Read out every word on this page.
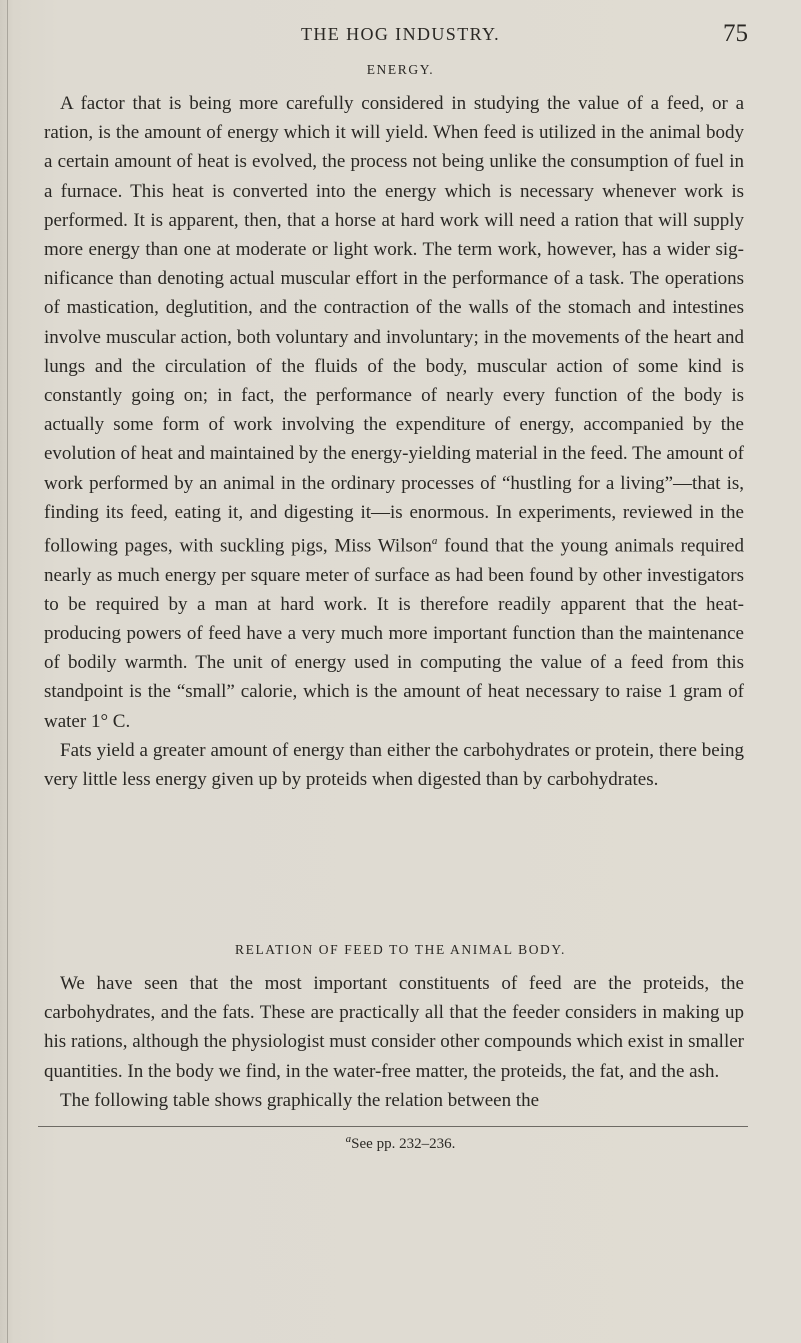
THE HOG INDUSTRY.	75
ENERGY.

A factor that is being more carefully considered in studying the value of a feed, or a ration, is the amount of energy which it will yield. When feed is utilized in the animal body a certain amount of heat is evolved, the process not being unlike the consumption of fuel in a furnace. This heat is converted into the energy which is necessary whenever work is performed. It is apparent, then, that a horse at hard work will need a ration that will supply more energy than one at moderate or light work. The term work, however, has a wider significance than denoting actual muscular effort in the performance of a task. The operations of mastication, deglutition, and the contraction of the walls of the stomach and intestines involve muscular action, both voluntary and involuntary; in the movements of the heart and lungs and the circulation of the fluids of the body, muscular action of some kind is constantly going on; in fact, the performance of nearly every function of the body is actually some form of work involving the expenditure of energy, accompanied by the evolution of heat and maintained by the energy-yielding material in the feed. The amount of work performed by an animal in the ordinary processes of “hustling for a living”—that is, finding its feed, eating it, and digesting it—is enormous. In experiments, reviewed in the following pages, with suckling pigs, Miss Wilson$^a$ found that the young animals required nearly as much energy per square meter of surface as had been found by other investigators to be required by a man at hard work. It is therefore readily apparent that the heat-producing powers of feed have a very much more important function than the maintenance of bodily warmth. The unit of energy used in computing the value of a feed from this standpoint is the “small” calorie, which is the amount of heat necessary to raise 1 gram of water 1° C.

Fats yield a greater amount of energy than either the carbohydrates or protein, there being very little less energy given up by proteids when digested than by carbohydrates.

RELATION OF FEED TO THE ANIMAL BODY.

We have seen that the most important constituents of feed are the proteids, the carbohydrates, and the fats. These are practically all that the feeder considers in making up his rations, although the physiologist must consider other compounds which exist in smaller quantities. In the body we find, in the water-free matter, the proteids, the fat, and the ash.

The following table shows graphically the relation between the

$^a$See pp. 232–236.
